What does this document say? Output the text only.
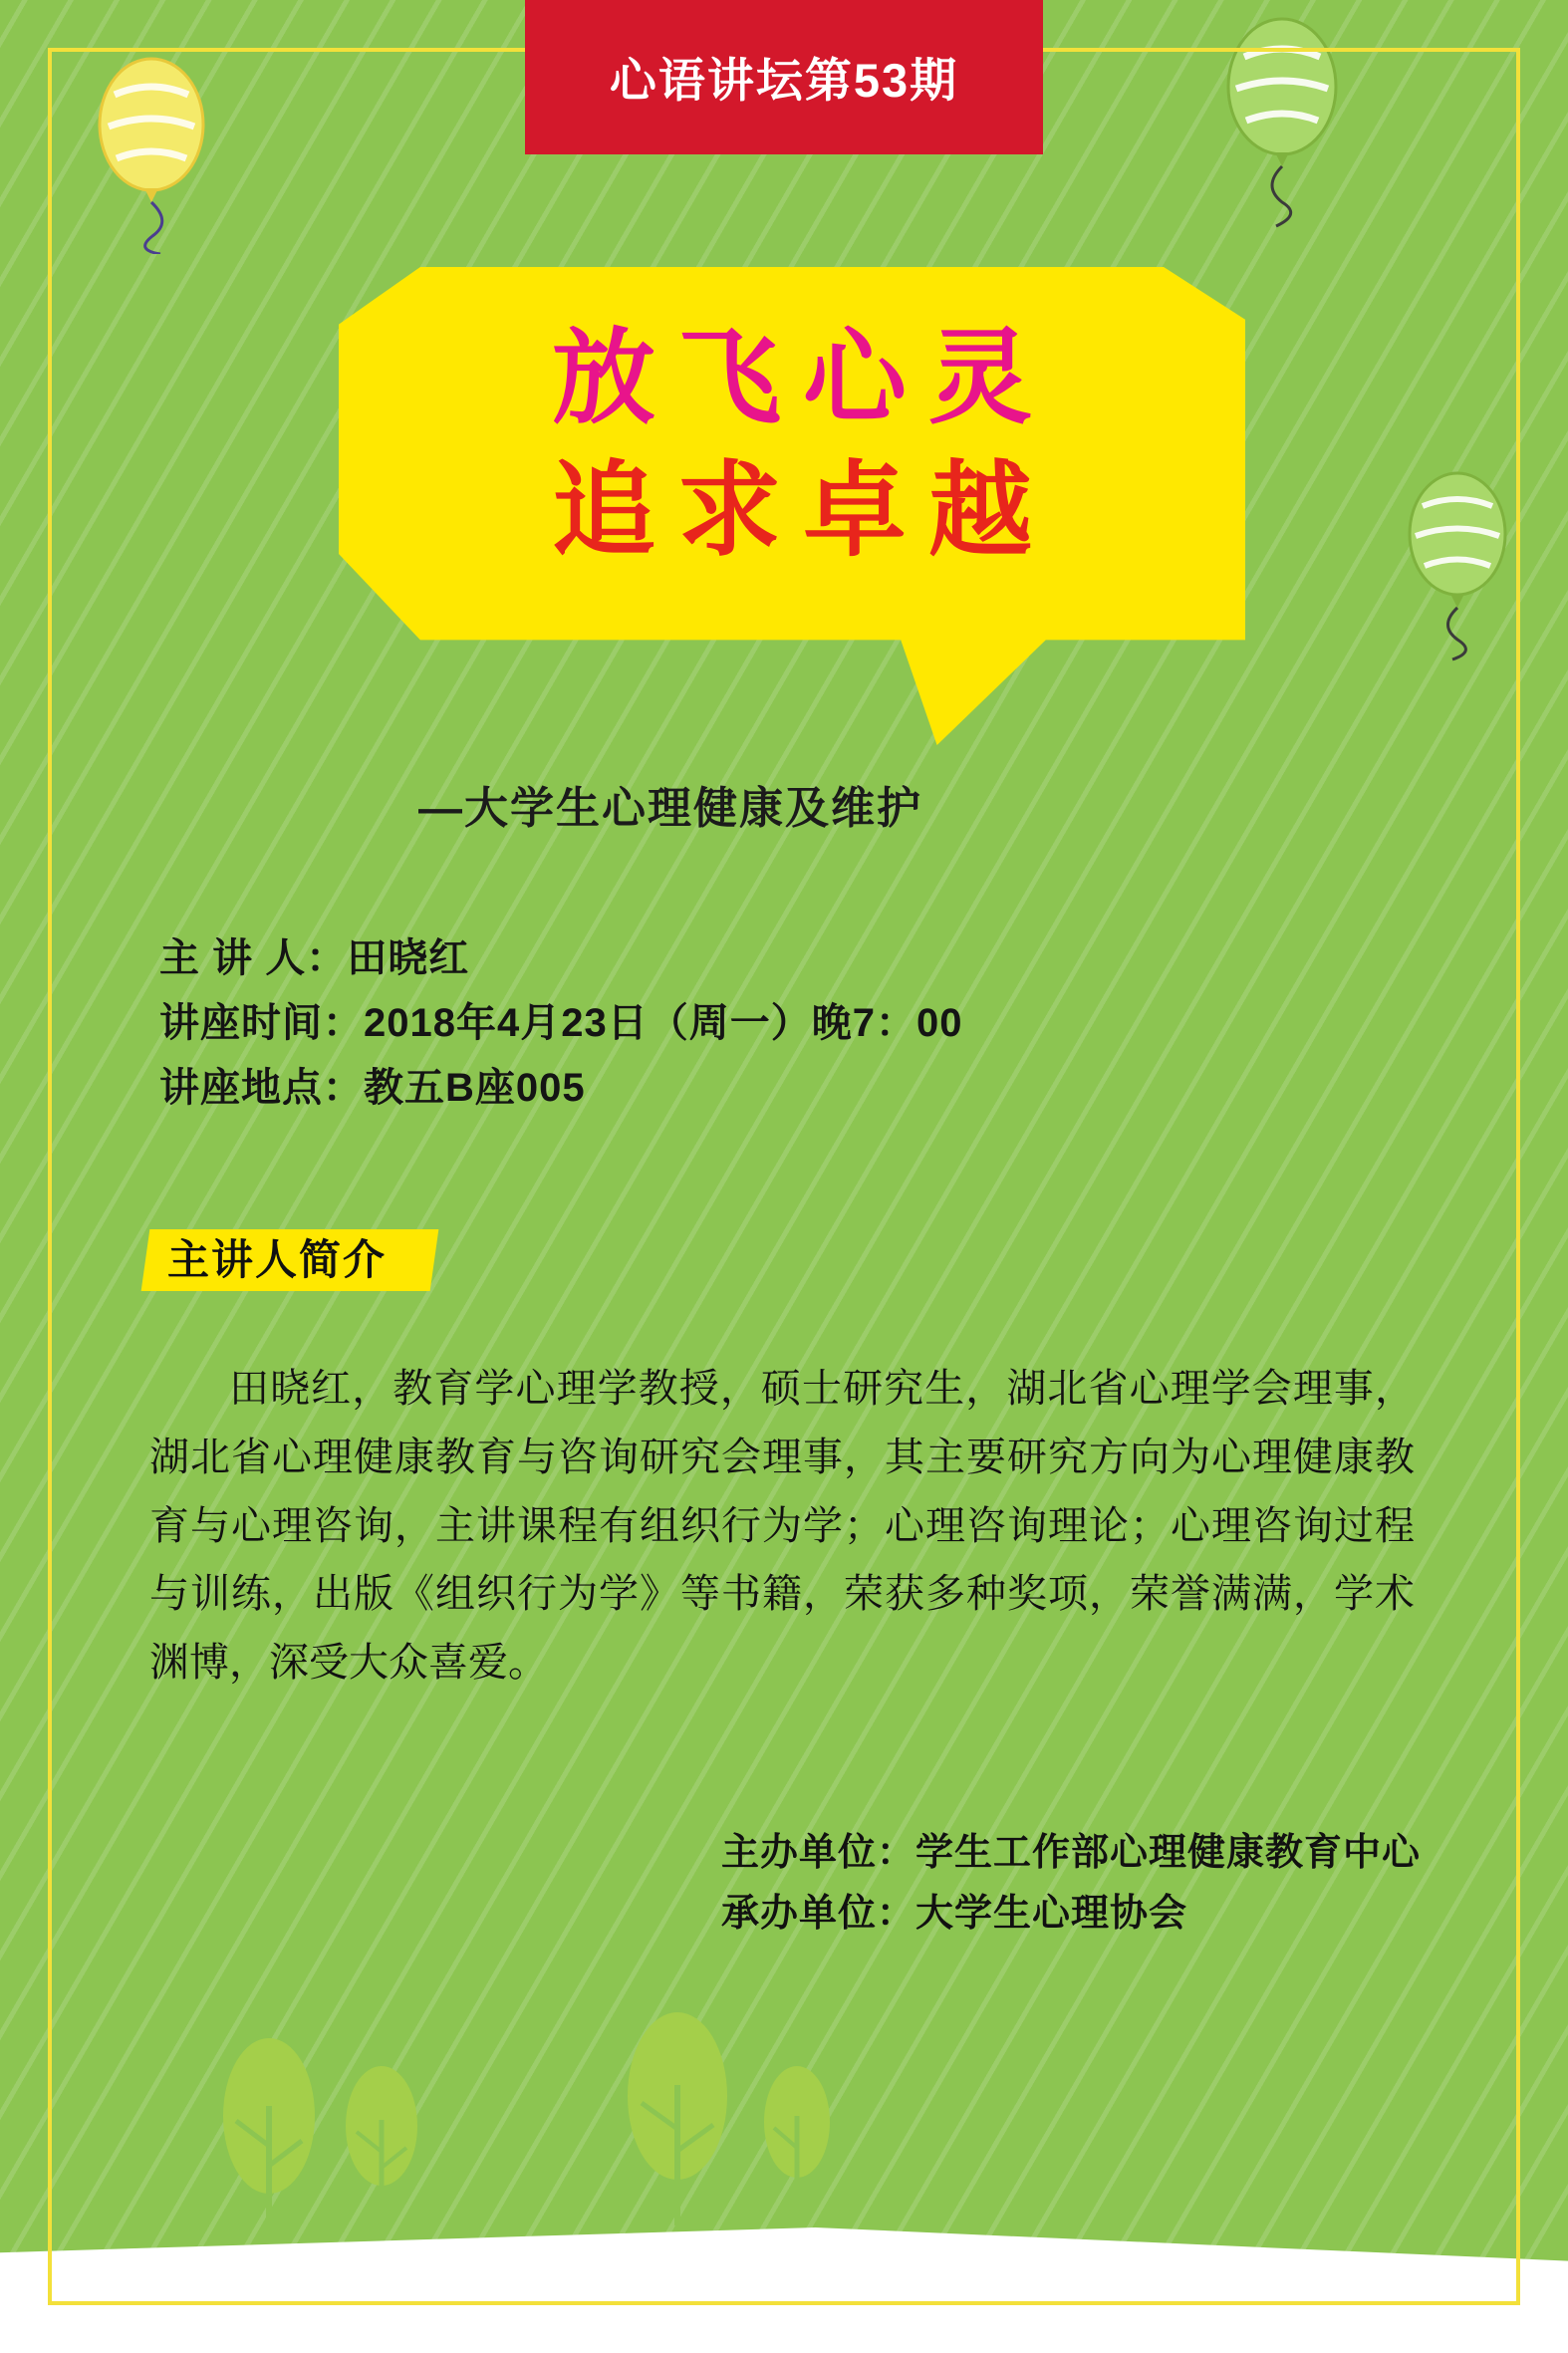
心语讲坛第53期
放飞心灵
追求卓越
—大学生心理健康及维护
主 讲 人：田晓红
讲座时间：2018年4月23日（周一）晚7：00
讲座地点：教五B座005
主讲人简介
田晓红，教育学心理学教授，硕士研究生，湖北省心理学会理事，湖北省心理健康教育与咨询研究会理事，其主要研究方向为心理健康教育与心理咨询，主讲课程有组织行为学；心理咨询理论；心理咨询过程与训练，出版《组织行为学》等书籍，荣获多种奖项，荣誉满满，学术渊博，深受大众喜爱。
主办单位：学生工作部心理健康教育中心
承办单位：大学生心理协会
